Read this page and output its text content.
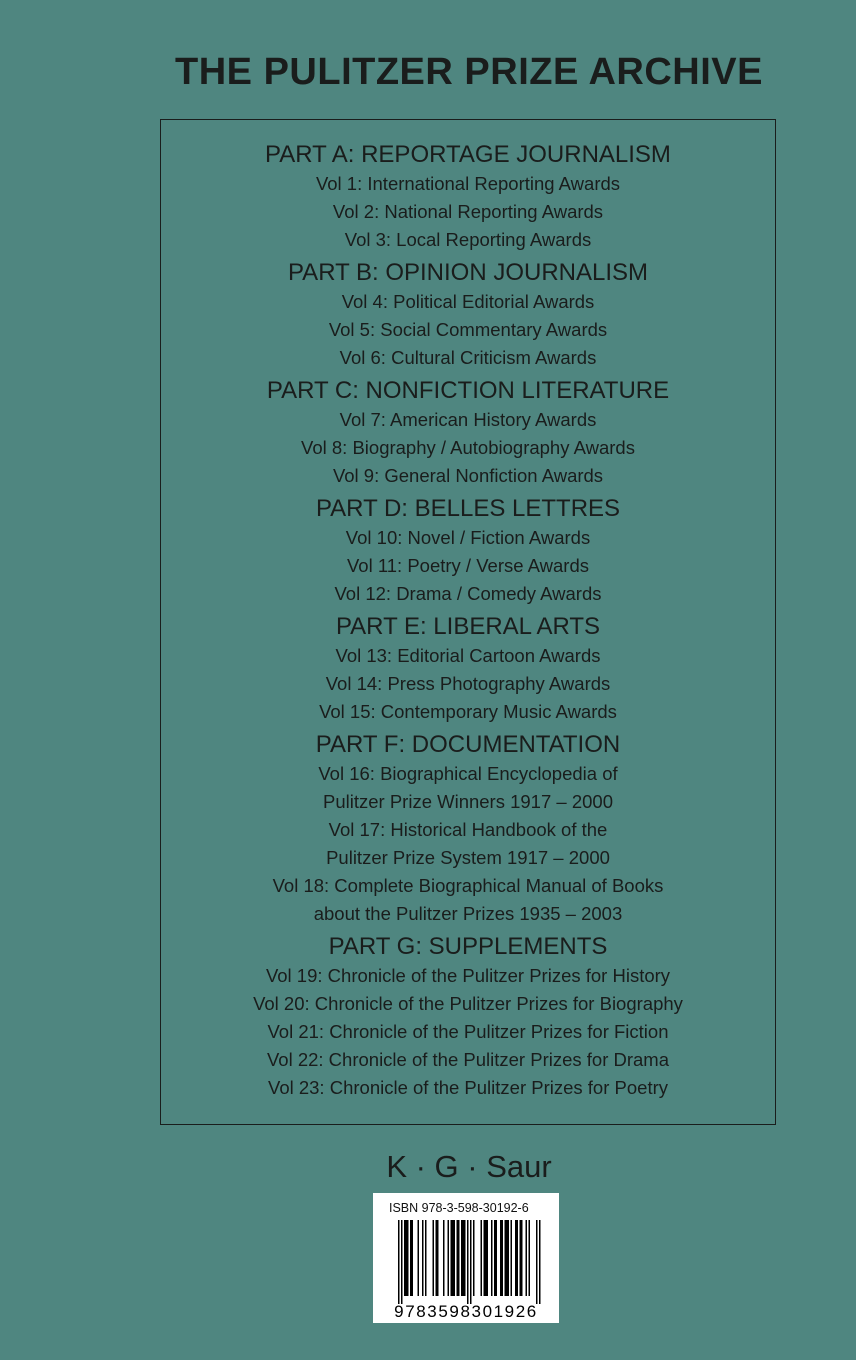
THE PULITZER PRIZE ARCHIVE
PART A: REPORTAGE JOURNALISM
Vol 1: International Reporting Awards
Vol 2: National Reporting Awards
Vol 3: Local Reporting Awards
PART B: OPINION JOURNALISM
Vol 4: Political Editorial Awards
Vol 5: Social Commentary Awards
Vol 6: Cultural Criticism Awards
PART C: NONFICTION LITERATURE
Vol 7: American History Awards
Vol 8: Biography / Autobiography Awards
Vol 9: General Nonfiction Awards
PART D: BELLES LETTRES
Vol 10: Novel / Fiction Awards
Vol 11: Poetry / Verse Awards
Vol 12: Drama / Comedy Awards
PART E: LIBERAL ARTS
Vol 13: Editorial Cartoon Awards
Vol 14: Press Photography Awards
Vol 15: Contemporary Music Awards
PART F: DOCUMENTATION
Vol 16: Biographical Encyclopedia of
Pulitzer Prize Winners 1917 – 2000
Vol 17: Historical Handbook of the
Pulitzer Prize System 1917 – 2000
Vol 18: Complete Biographical Manual of Books
about the Pulitzer Prizes 1935 – 2003
PART G: SUPPLEMENTS
Vol 19: Chronicle of the Pulitzer Prizes for History
Vol 20: Chronicle of the Pulitzer Prizes for Biography
Vol 21: Chronicle of the Pulitzer Prizes for Fiction
Vol 22: Chronicle of the Pulitzer Prizes for Drama
Vol 23: Chronicle of the Pulitzer Prizes for Poetry
K · G · Saur
ISBN 978-3-598-30192-6
9783598301926
